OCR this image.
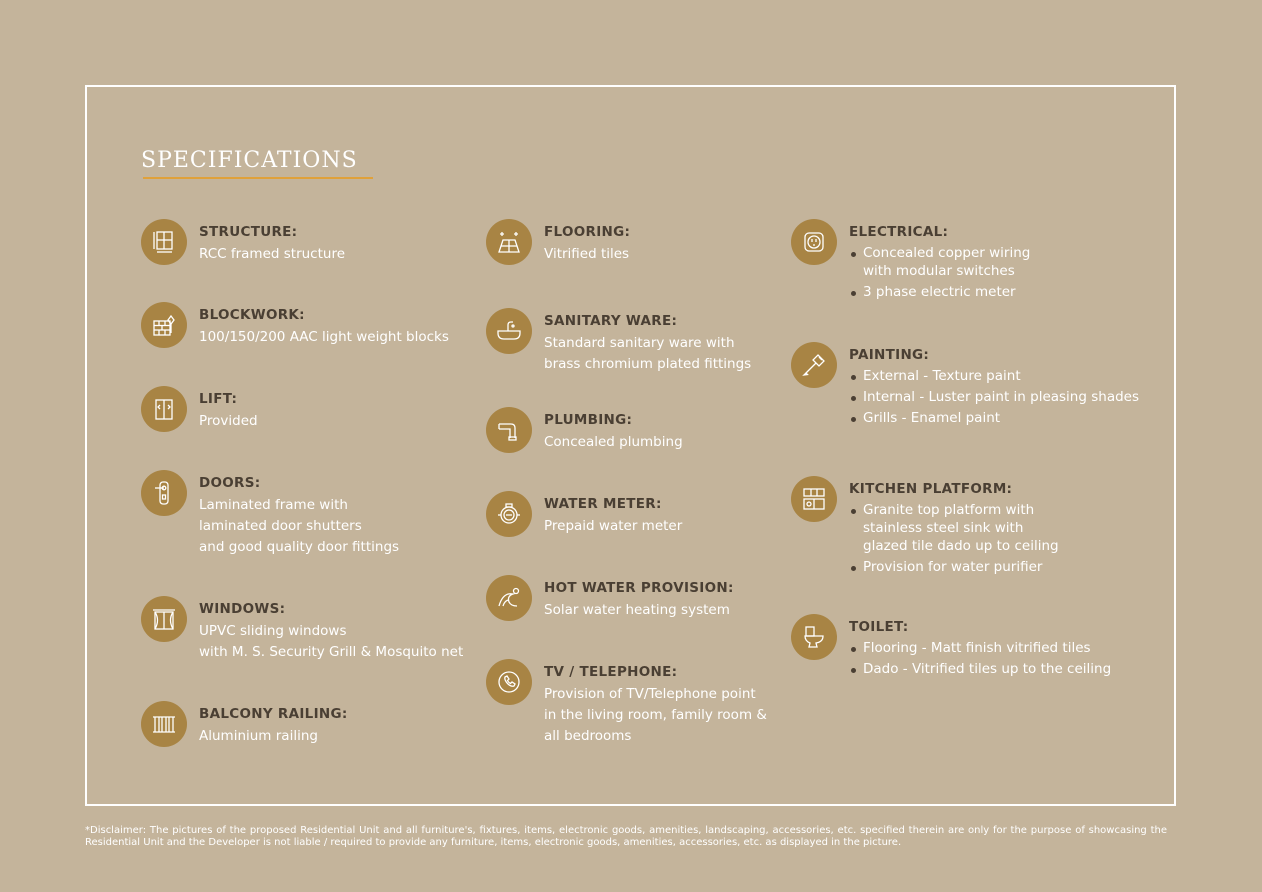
SPECIFICATIONS
STRUCTURE:
RCC framed structure
BLOCKWORK:
100/150/200 AAC light weight blocks
LIFT:
Provided
DOORS:
Laminated frame with
laminated door shutters
and good quality door fittings
WINDOWS:
UPVC sliding windows
with M. S. Security Grill & Mosquito net
BALCONY RAILING:
Aluminium railing
FLOORING:
Vitrified tiles
SANITARY WARE:
Standard sanitary ware with
brass chromium plated fittings
PLUMBING:
Concealed plumbing
WATER METER:
Prepaid water meter
HOT WATER PROVISION:
Solar water heating system
TV / TELEPHONE:
Provision of TV/Telephone point
in the living room, family room &
all bedrooms
ELECTRICAL:
Concealed copper wiring
with modular switches
3 phase electric meter
PAINTING:
External - Texture paint
Internal - Luster paint in pleasing shades
Grills - Enamel paint
KITCHEN PLATFORM:
Granite top platform with
stainless steel sink with
glazed tile dado up to ceiling
Provision for water purifier
TOILET:
Flooring - Matt finish vitrified tiles
Dado - Vitrified tiles up to the ceiling
*Disclaimer: The pictures of the proposed Residential Unit and all furniture's, fixtures, items, electronic goods, amenities, landscaping, accessories, etc. specified therein are only for the purpose of showcasing the Residential Unit and the Developer is not liable / required to provide any furniture, items, electronic goods, amenities, accessories, etc. as displayed in the picture.
